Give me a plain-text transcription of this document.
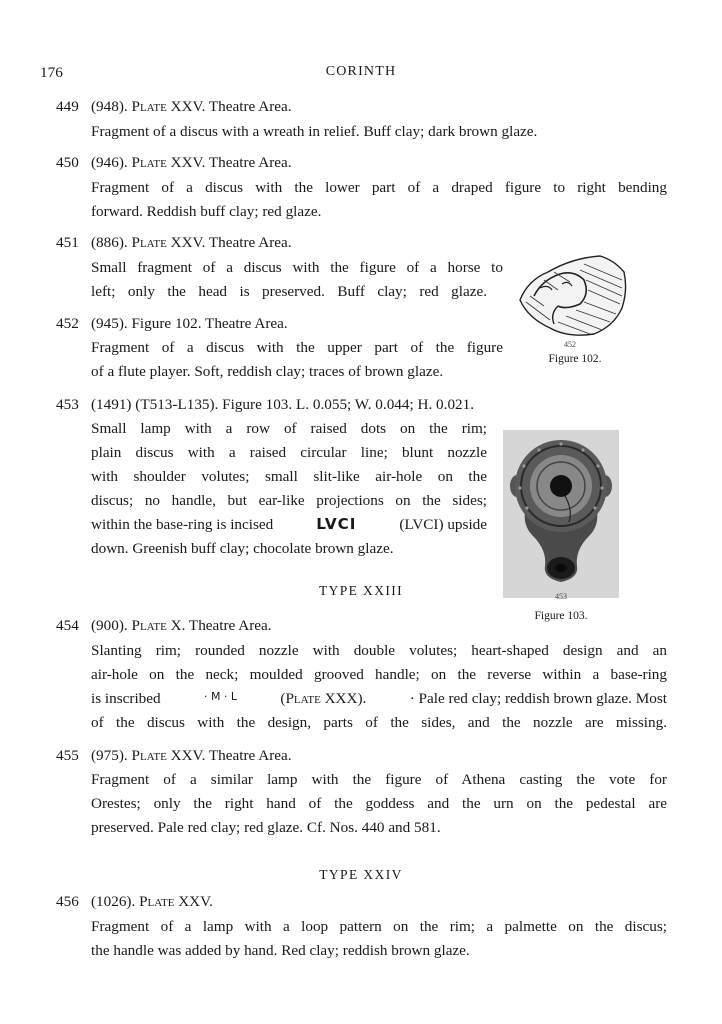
176	CORINTH
449 (948). Plate XXV. Theatre Area.
Fragment of a discus with a wreath in relief. Buff clay; dark brown glaze.
450 (946). Plate XXV. Theatre Area.
Fragment of a discus with the lower part of a draped figure to right bending
forward. Reddish buff clay; red glaze.
451 (886). Plate XXV. Theatre Area.
Small fragment of a discus with the figure of a horse to
left; only the head is preserved. Buff clay; red glaze.
452 (945). Figure 102. Theatre Area.
Fragment of a discus with the upper part of the figure
of a flute player. Soft, reddish clay; traces of brown glaze.
452
Figure 102.
453 (1491) (T513-L135). Figure 103. L. 0.055; W. 0.044; H. 0.021.
Small lamp with a row of raised dots on the rim;
plain discus with a raised circular line; blunt nozzle
with shoulder volutes; small slit-like air-hole on the
discus; no handle, but ear-like projections on the sides;
within the base-ring is incised	LVCI	(LVCI) upside
down. Greenish buff clay; chocolate brown glaze.
453
Figure 103.
TYPE XXIII
454 (900). Plate X. Theatre Area.
Slanting rim; rounded nozzle with double volutes; heart-shaped design and an
air-hole on the neck; moulded grooved handle; on the reverse within a base-ring
is inscribed	· M · L	(Plate XXX).	· Pale red clay; reddish brown glaze. Most
of the discus with the design, parts of the sides, and the nozzle are missing.
455 (975). Plate XXV. Theatre Area.
Fragment of a similar lamp with the figure of Athena casting the vote for
Orestes; only the right hand of the goddess and the urn on the pedestal are
preserved. Pale red clay; red glaze. Cf. Nos. 440 and 581.
TYPE XXIV
456 (1026). Plate XXV.
Fragment of a lamp with a loop pattern on the rim; a palmette on the discus;
the handle was added by hand. Red clay; reddish brown glaze.
